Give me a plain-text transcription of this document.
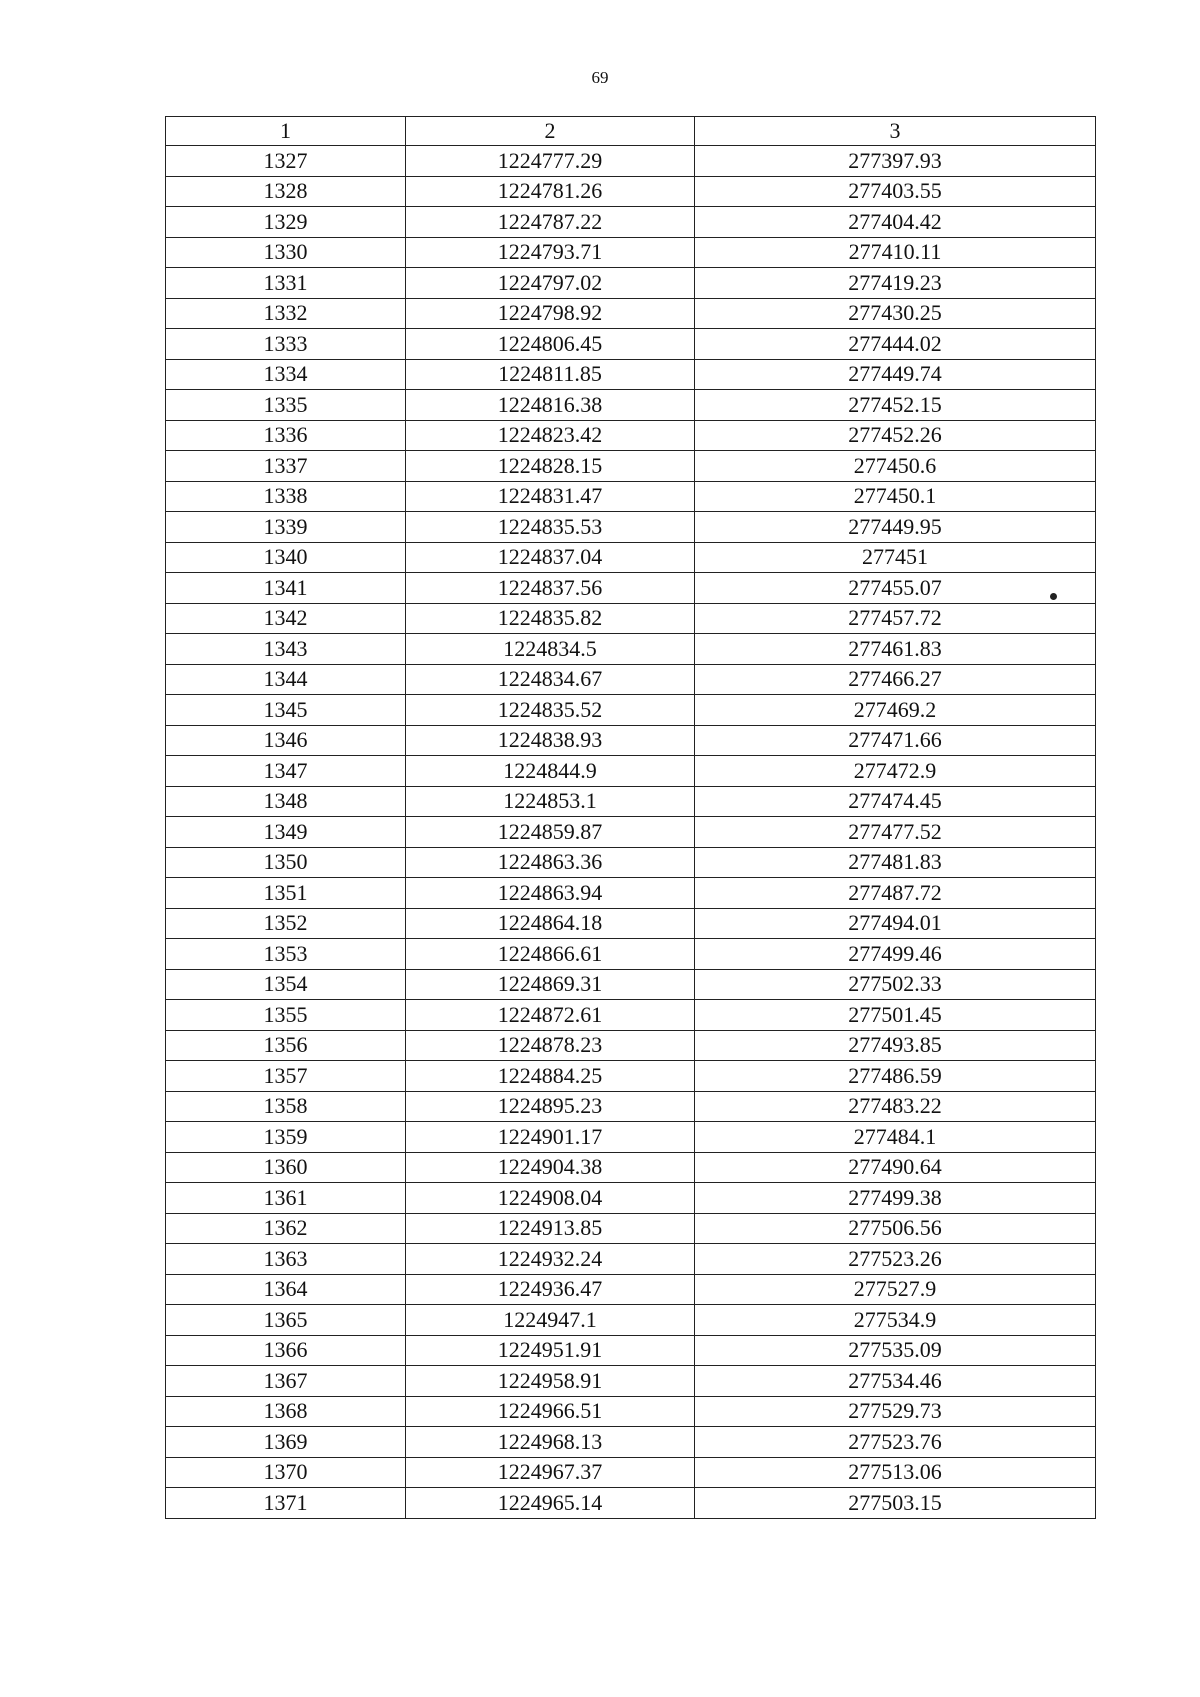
69
1	2	3
1327	1224777.29	277397.93
1328	1224781.26	277403.55
1329	1224787.22	277404.42
1330	1224793.71	277410.11
1331	1224797.02	277419.23
1332	1224798.92	277430.25
1333	1224806.45	277444.02
1334	1224811.85	277449.74
1335	1224816.38	277452.15
1336	1224823.42	277452.26
1337	1224828.15	277450.6
1338	1224831.47	277450.1
1339	1224835.53	277449.95
1340	1224837.04	277451
1341	1224837.56	277455.07
1342	1224835.82	277457.72
1343	1224834.5	277461.83
1344	1224834.67	277466.27
1345	1224835.52	277469.2
1346	1224838.93	277471.66
1347	1224844.9	277472.9
1348	1224853.1	277474.45
1349	1224859.87	277477.52
1350	1224863.36	277481.83
1351	1224863.94	277487.72
1352	1224864.18	277494.01
1353	1224866.61	277499.46
1354	1224869.31	277502.33
1355	1224872.61	277501.45
1356	1224878.23	277493.85
1357	1224884.25	277486.59
1358	1224895.23	277483.22
1359	1224901.17	277484.1
1360	1224904.38	277490.64
1361	1224908.04	277499.38
1362	1224913.85	277506.56
1363	1224932.24	277523.26
1364	1224936.47	277527.9
1365	1224947.1	277534.9
1366	1224951.91	277535.09
1367	1224958.91	277534.46
1368	1224966.51	277529.73
1369	1224968.13	277523.76
1370	1224967.37	277513.06
1371	1224965.14	277503.15
